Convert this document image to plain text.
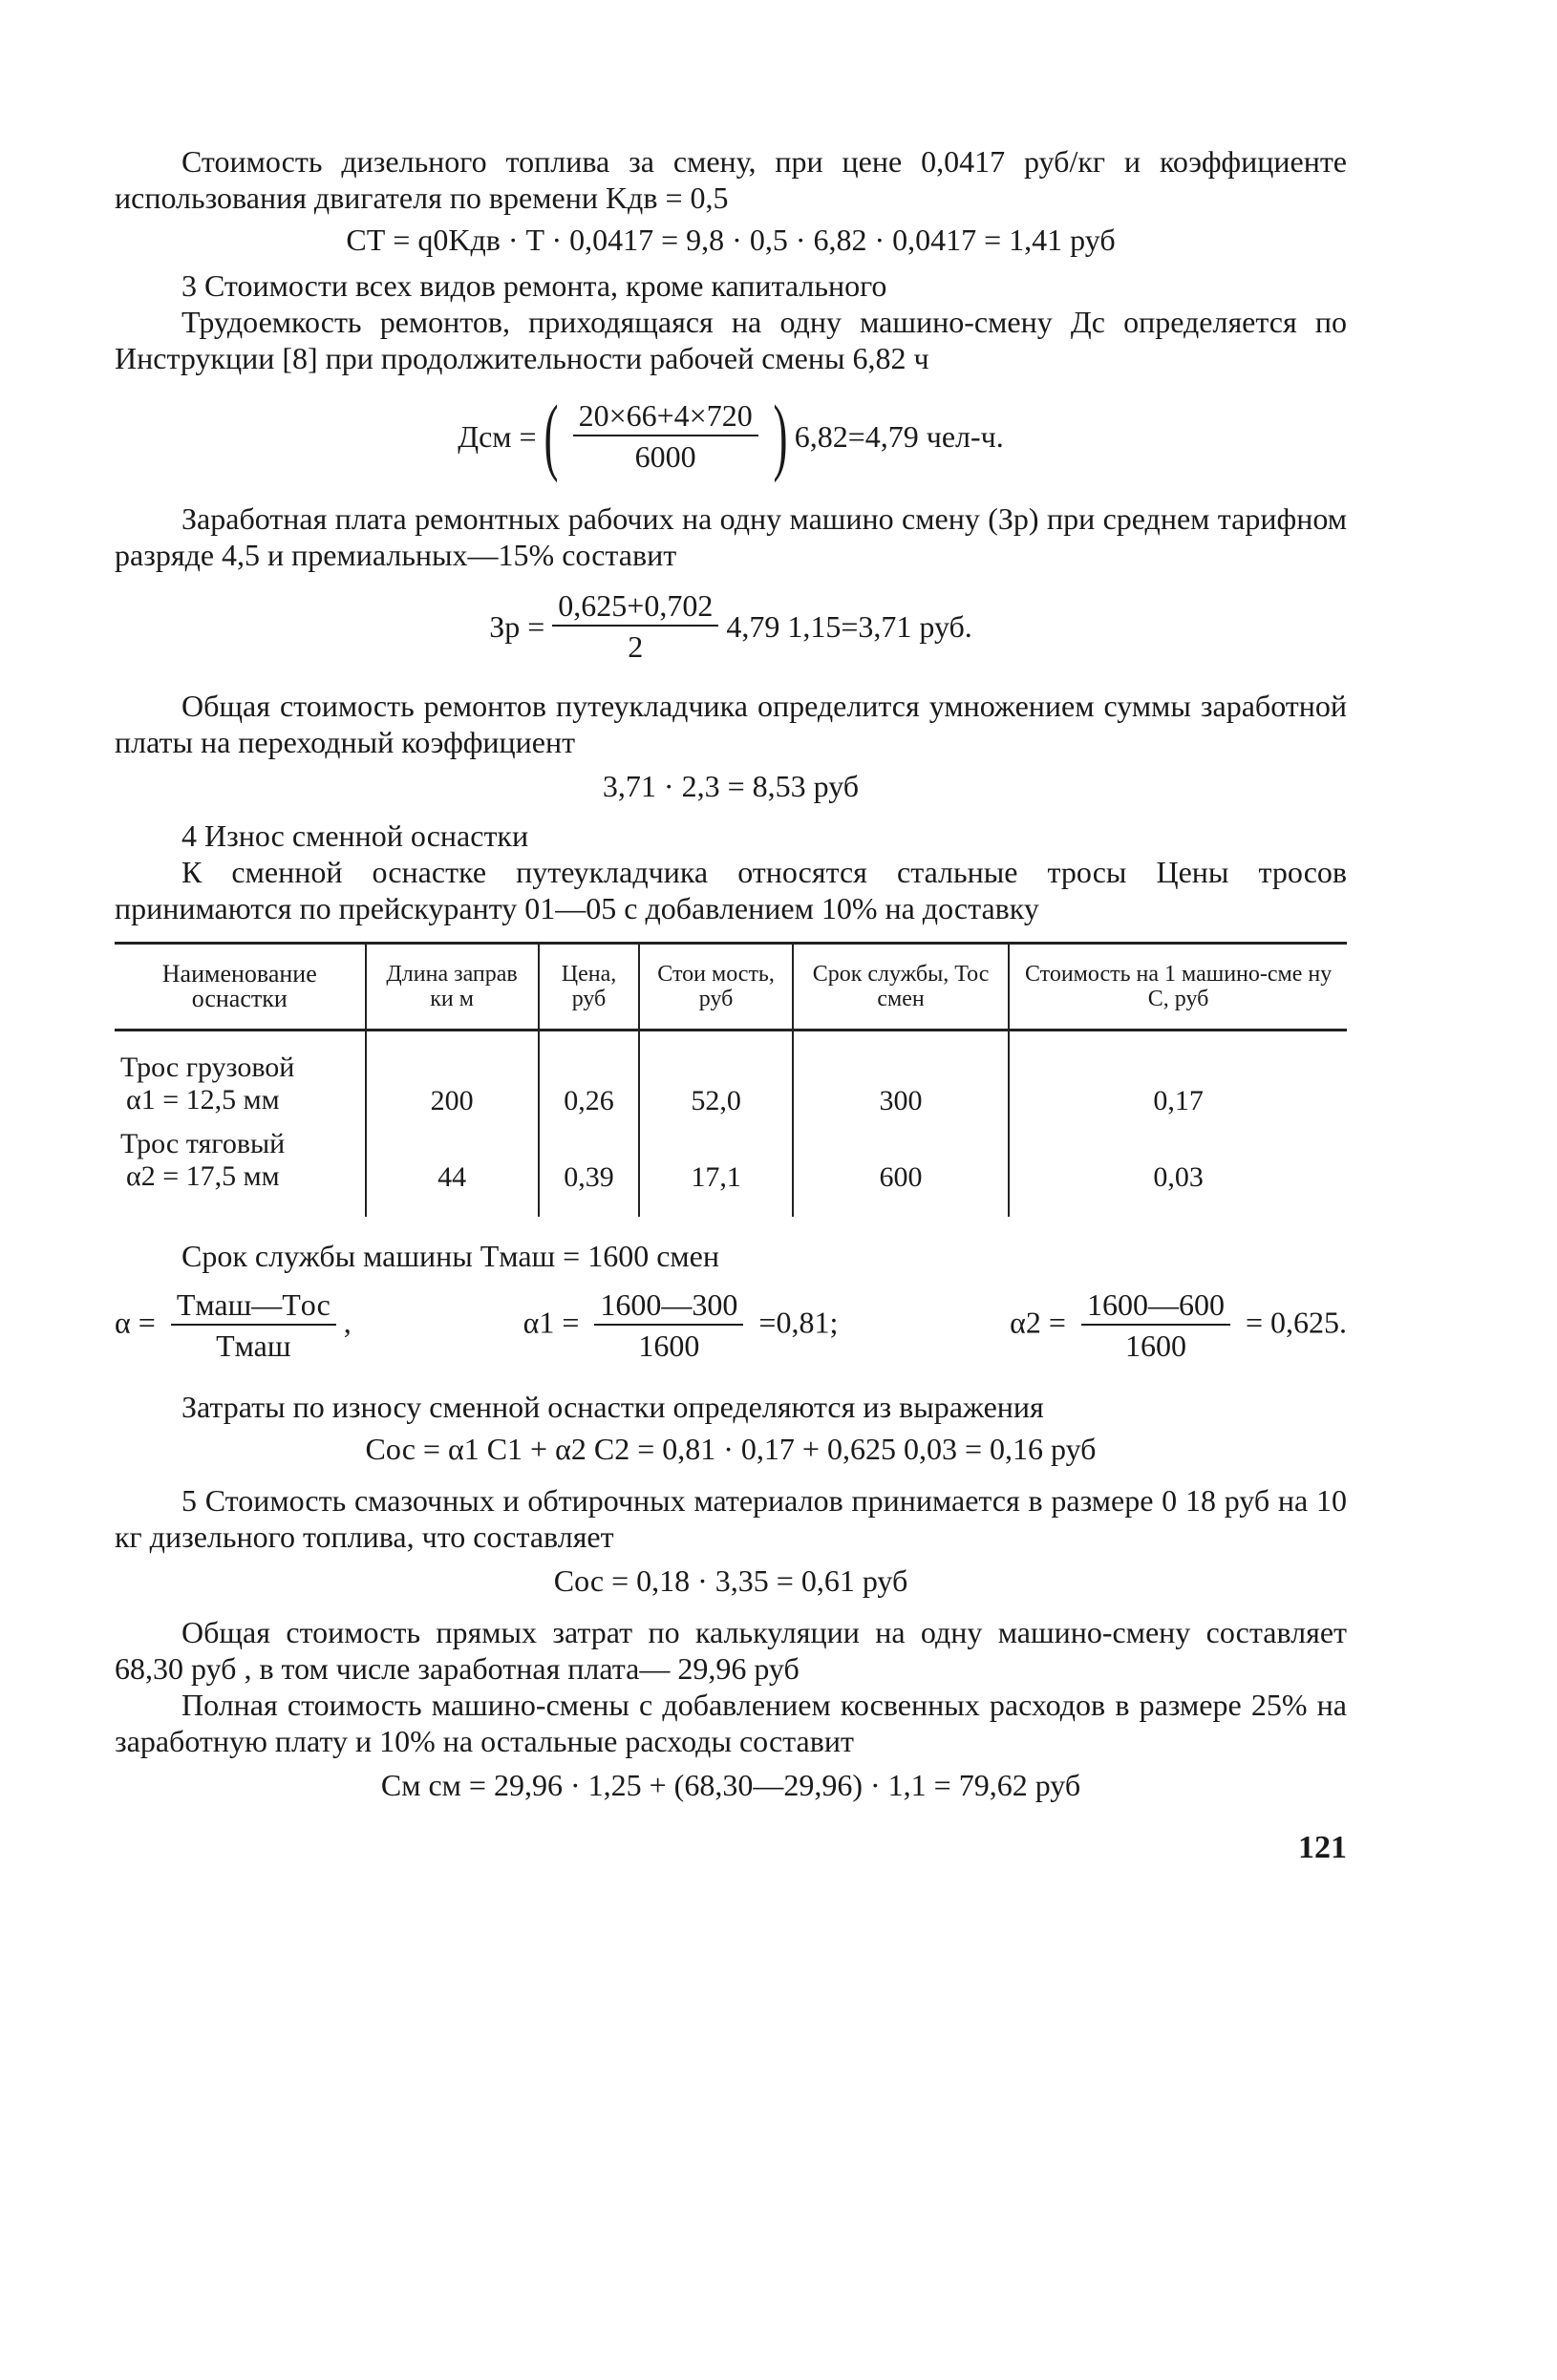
Стоимость дизельного топлива за смену, при цене 0,0417 руб/кг и коэффициенте использования двигателя по времени Kдв = 0,5

CТ = q0Kдв · T · 0,0417 = 9,8 · 0,5 · 6,82 · 0,0417 = 1,41 руб

3 Стоимости всех видов ремонта, кроме капитального

Трудоемкость ремонтов, приходящаяся на одну машино-смену Дс определяется по Инструкции [8] при продолжительности рабочей смены 6,82 ч

Дсм = ( $\frac{20\times 66+4\times 720}{6000}$ ) 6,82=4,79 чел-ч.

Заработная плата ремонтных рабочих на одну машино смену (Зр) при среднем тарифном разряде 4,5 и премиальных—15% составит

Зр = $\frac{0,625+0,702}{2} 4,79$ 1,15=3,71 руб.

Общая стоимость ремонтов путеукладчика определится умножением суммы заработной платы на переходный коэффициент

3,71 · 2,3 = 8,53 руб

4 Износ сменной оснастки

К сменной оснастке путеукладчика относятся стальные тросы Цены тросов принимаются по прейскуранту 01—05 с добавлением 10% на доставку

Наименование оснастки	Длина заправ ки м	Цена, руб	Стои мость, руб	Срок службы, Тос смен	Стоимость на 1 машино-сме ну С, руб

Трос грузовой
α1 = 12,5 мм	200	0,26	52,0	300	0,17

Трос тяговый
α2 = 17,5 мм	44	0,39	17,1	600	0,03

Срок службы машины Tмаш = 1600 смен

$\alpha = \frac{\text{Tмаш—Tос}}{\text{Tмаш}}$ ,	$\alpha 1 = \frac{1600—300}{1600} =0,81$;	$\alpha 2 = \frac{1600—600}{1600} = 0,625$.

Затраты по износу сменной оснастки определяются из выражения

Cос = α1 C1 + α2 C2 = 0,81 · 0,17 + 0,625 0,03 = 0,16 руб

5 Стоимость смазочных и обтирочных материалов принимается в размере 0 18 руб на 10 кг дизельного топлива, что составляет

Cос = 0,18 · 3,35 = 0,61 руб

Общая стоимость прямых затрат по калькуляции на одну машино-смену составляет 68,30 руб , в том числе заработная плата— 29,96 руб

Полная стоимость машино-смены с добавлением косвенных расходов в размере 25% на заработную плату и 10% на остальные расходы составит

Cм см = 29,96 · 1,25 + (68,30—29,96) · 1,1 = 79,62 руб
121
